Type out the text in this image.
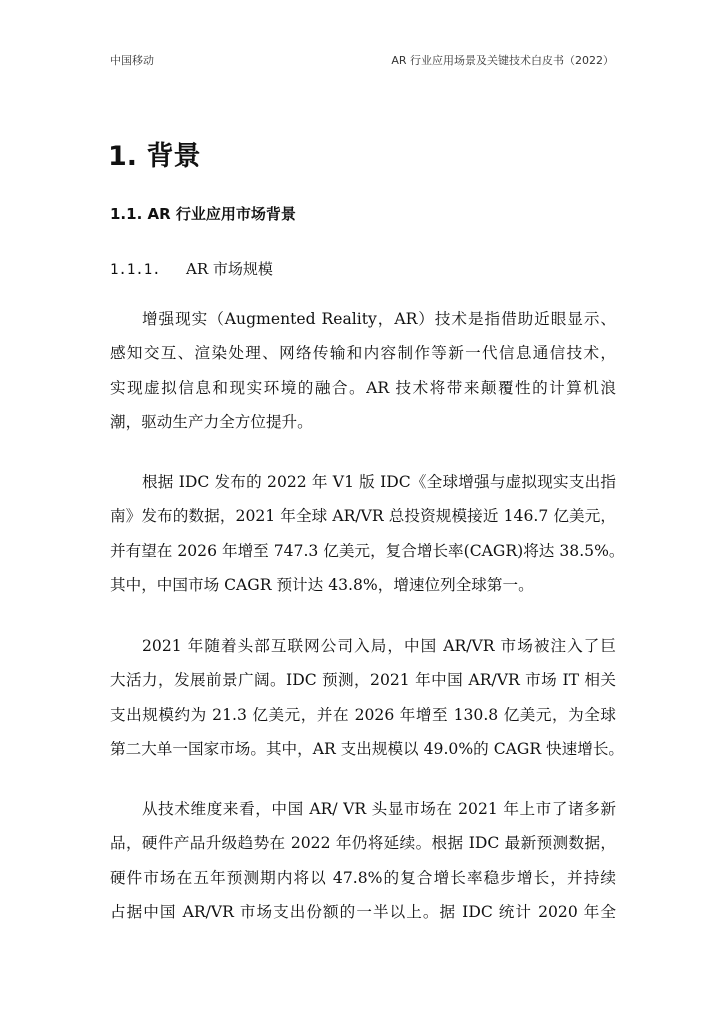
中国移动	AR 行业应用场景及关键技术白皮书（2022）
1. 背景
1.1. AR 行业应用市场背景
1.1.1. AR 市场规模
增强现实（Augmented Reality，AR）技术是指借助近眼显示、
感知交互、渲染处理、网络传输和内容制作等新一代信息通信技术，
实现虚拟信息和现实环境的融合。AR 技术将带来颠覆性的计算机浪
潮，驱动生产力全方位提升。
根据 IDC 发布的 2022 年 V1 版 IDC《全球增强与虚拟现实支出指
南》发布的数据，2021 年全球 AR/VR 总投资规模接近 146.7 亿美元，
并有望在 2026 年增至 747.3 亿美元，复合增长率(CAGR)将达 38.5%。
其中，中国市场 CAGR 预计达 43.8%，增速位列全球第一。
2021 年随着头部互联网公司入局，中国 AR/VR 市场被注入了巨
大活力，发展前景广阔。IDC 预测，2021 年中国 AR/VR 市场 IT 相关
支出规模约为 21.3 亿美元，并在 2026 年增至 130.8 亿美元，为全球
第二大单一国家市场。其中，AR 支出规模以 49.0%的 CAGR 快速增长。
从技术维度来看，中国 AR/ VR 头显市场在 2021 年上市了诸多新
品，硬件产品升级趋势在 2022 年仍将延续。根据 IDC 最新预测数据，
硬件市场在五年预测期内将以 47.8%的复合增长率稳步增长，并持续
占据中国 AR/VR 市场支出份额的一半以上。据 IDC 统计 2020 年全
